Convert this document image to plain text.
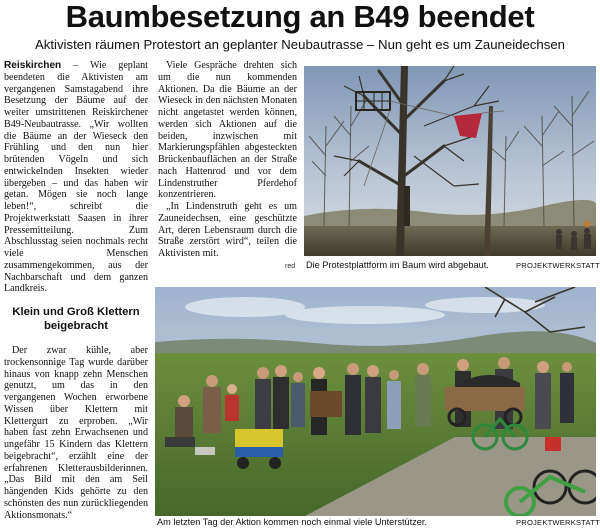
Baumbesetzung an B49 beendet
Aktivisten räumen Protestort an geplanter Neubautrasse – Nun geht es um Zauneidechsen

Reiskirchen – Wie geplant beendeten die Aktivisten am vergangenen Samstagabend ihre Besetzung der Bäume auf der weiter umstrittenen Reiskirchener B49-Neubautrasse. „Wir wollten die Bäume an der Wieseck den Frühling und den nun hier brütenden Vögeln und sich entwickelnden Insekten wieder übergeben – und das haben wir getan. Mögen sie noch lange leben!“, schreibt die Projektwerkstatt Saasen in ihrer Pressemitteilung. Zum Abschlusstag seien nochmals recht viele Menschen zusammengekommen, aus der Nachbarschaft und dem ganzen Landkreis.

Viele Gespräche drehten sich um die nun kommenden Aktionen. Da die Bäume an der Wieseck in den nächsten Monaten nicht angetastet werden können, werden sich Aktionen auf die beiden, inzwischen mit Markierungspfählen abgesteckten Brückenbauflächen an der Straße nach Hattenrod und vor dem Lindenstruther Pferdehof konzentrieren.

„In Lindenstruth geht es um Zauneidechsen, eine geschützte Art, deren Lebensraum durch die Straße zerstört wird“, teilen die Aktivisten mit.

red
Klein und Groß Klettern beigebracht

Der zwar kühle, aber trockensonnige Tag wurde darüber hinaus von knapp zehn Menschen genutzt, um das in den vergangenen Wochen erworbene Wissen über Klettern mit Klettergurt zu erproben. „Wir haben fast zehn Erwachsenen und ungefähr 15 Kindern das Klettern beigebracht“, erzählt eine der erfahrenen Kletterausbilderinnen. „Das Bild mit den am Seil hängenden Kids gehörte zu den schönsten des nun zurückliegenden Aktionsmonats.“

Die Protestplattform im Baum wird abgebaut.	PROJEKTWERKSTATT
Am letzten Tag der Aktion kommen noch einmal viele Unterstützer.	PROJEKTWERKSTATT
